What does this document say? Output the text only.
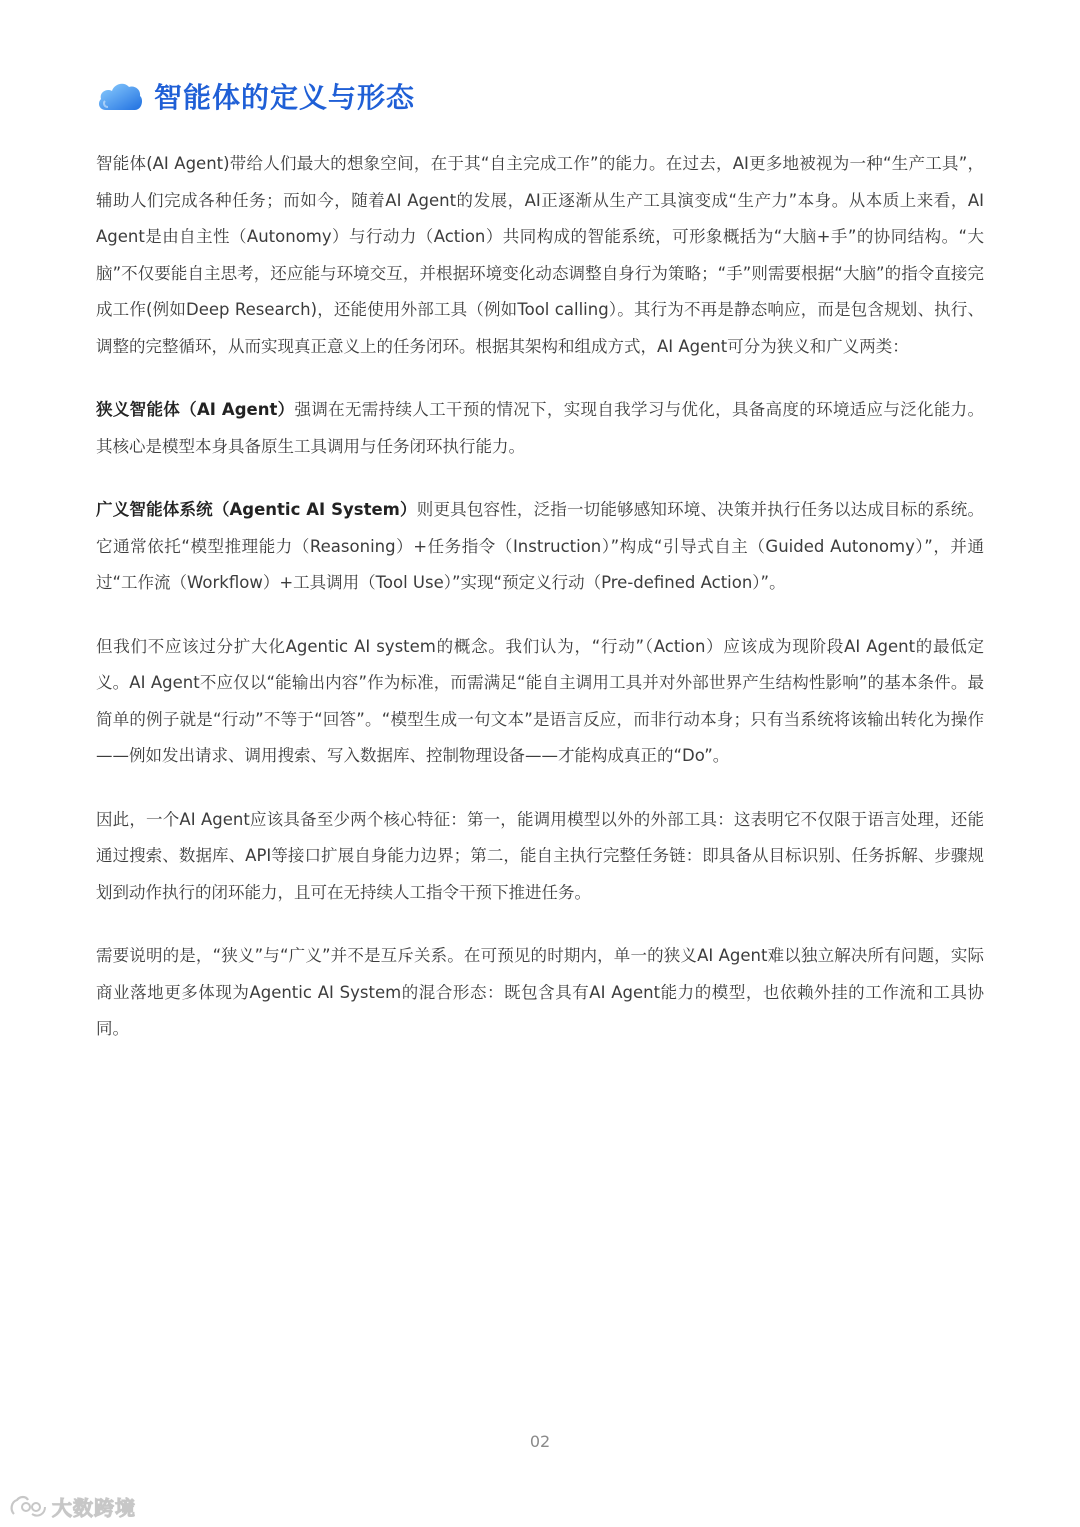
智能体的定义与形态

智能体(AI Agent)带给人们最大的想象空间，在于其“自主完成工作”的能力。在过去，AI更多地被视为一种“生产工具”，辅助人们完成各种任务；而如今，随着AI Agent的发展，AI正逐渐从生产工具演变成“生产力”本身。从本质上来看，AI Agent是由自主性（Autonomy）与行动力（Action）共同构成的智能系统，可形象概括为“大脑+手”的协同结构。“大脑”不仅要能自主思考，还应能与环境交互，并根据环境变化动态调整自身行为策略；“手”则需要根据“大脑”的指令直接完成工作(例如Deep Research)，还能使用外部工具（例如Tool calling）。其行为不再是静态响应，而是包含规划、执行、调整的完整循环，从而实现真正意义上的任务闭环。根据其架构和组成方式，AI Agent可分为狭义和广义两类：

狭义智能体（AI Agent）强调在无需持续人工干预的情况下，实现自我学习与优化，具备高度的环境适应与泛化能力。其核心是模型本身具备原生工具调用与任务闭环执行能力。

广义智能体系统（Agentic AI System）则更具包容性，泛指一切能够感知环境、决策并执行任务以达成目标的系统。它通常依托“模型推理能力（Reasoning）+任务指令（Instruction）”构成“引导式自主（Guided Autonomy）”，并通过“工作流（Workflow）+工具调用（Tool Use）”实现“预定义行动（Pre-defined Action）”。

但我们不应该过分扩大化Agentic AI system的概念。我们认为，“行动”（Action）应该成为现阶段AI Agent的最低定义。AI Agent不应仅以“能输出内容”作为标准，而需满足“能自主调用工具并对外部世界产生结构性影响”的基本条件。最简单的例子就是“行动”不等于“回答”。“模型生成一句文本”是语言反应，而非行动本身；只有当系统将该输出转化为操作——例如发出请求、调用搜索、写入数据库、控制物理设备——才能构成真正的“Do”。

因此，一个AI Agent应该具备至少两个核心特征：第一，能调用模型以外的外部工具：这表明它不仅限于语言处理，还能通过搜索、数据库、API等接口扩展自身能力边界；第二，能自主执行完整任务链：即具备从目标识别、任务拆解、步骤规划到动作执行的闭环能力，且可在无持续人工指令干预下推进任务。

需要说明的是，“狭义”与“广义”并不是互斥关系。在可预见的时期内，单一的狭义AI Agent难以独立解决所有问题，实际商业落地更多体现为Agentic AI System的混合形态：既包含具有AI Agent能力的模型，也依赖外挂的工作流和工具协同。

02
大数跨境
